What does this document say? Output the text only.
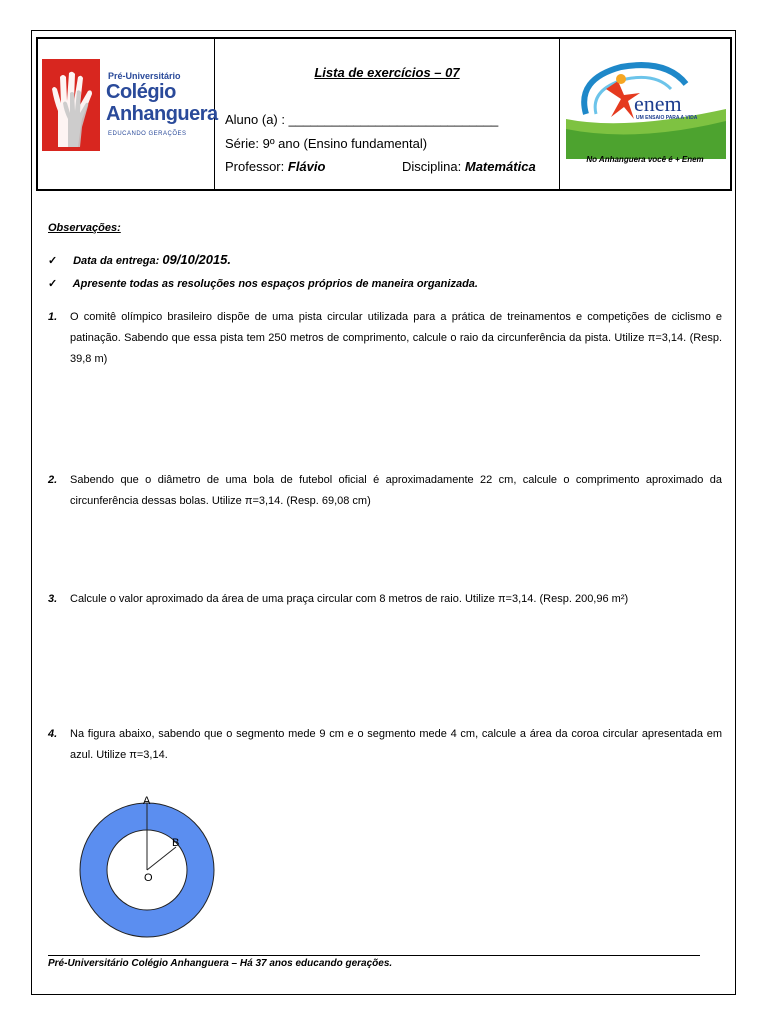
Pré-Universitário
Colégio
Anhanguera
EDUCANDO GERAÇÕES
Lista de exercícios – 07
Aluno (a) : _____________________________
Série: 9º ano (Ensino fundamental)
Professor: Flávio	Disciplina: Matemática
enem
UM ENSAIO PARA A VIDA
No Anhanguera você é + Enem
Observações:
✓ Data da entrega: 09/10/2015.
✓ Apresente todas as resoluções nos espaços próprios de maneira organizada.
1. O comitê olímpico brasileiro dispõe de uma pista circular utilizada para a prática de treinamentos e competições de ciclismo e patinação. Sabendo que essa pista tem 250 metros de comprimento, calcule o raio da circunferência da pista. Utilize π=3,14. (Resp. 39,8 m)
2. Sabendo que o diâmetro de uma bola de futebol oficial é aproximadamente 22 cm, calcule o comprimento aproximado da circunferência dessas bolas. Utilize π=3,14. (Resp. 69,08 cm)
3. Calcule o valor aproximado da área de uma praça circular com 8 metros de raio. Utilize π=3,14. (Resp. 200,96 m²)
4. Na figura abaixo, sabendo que o segmento mede 9 cm e o segmento mede 4 cm, calcule a área da coroa circular apresentada em azul. Utilize π=3,14.
A
B
O
Pré-Universitário Colégio Anhanguera – Há 37 anos educando gerações.
